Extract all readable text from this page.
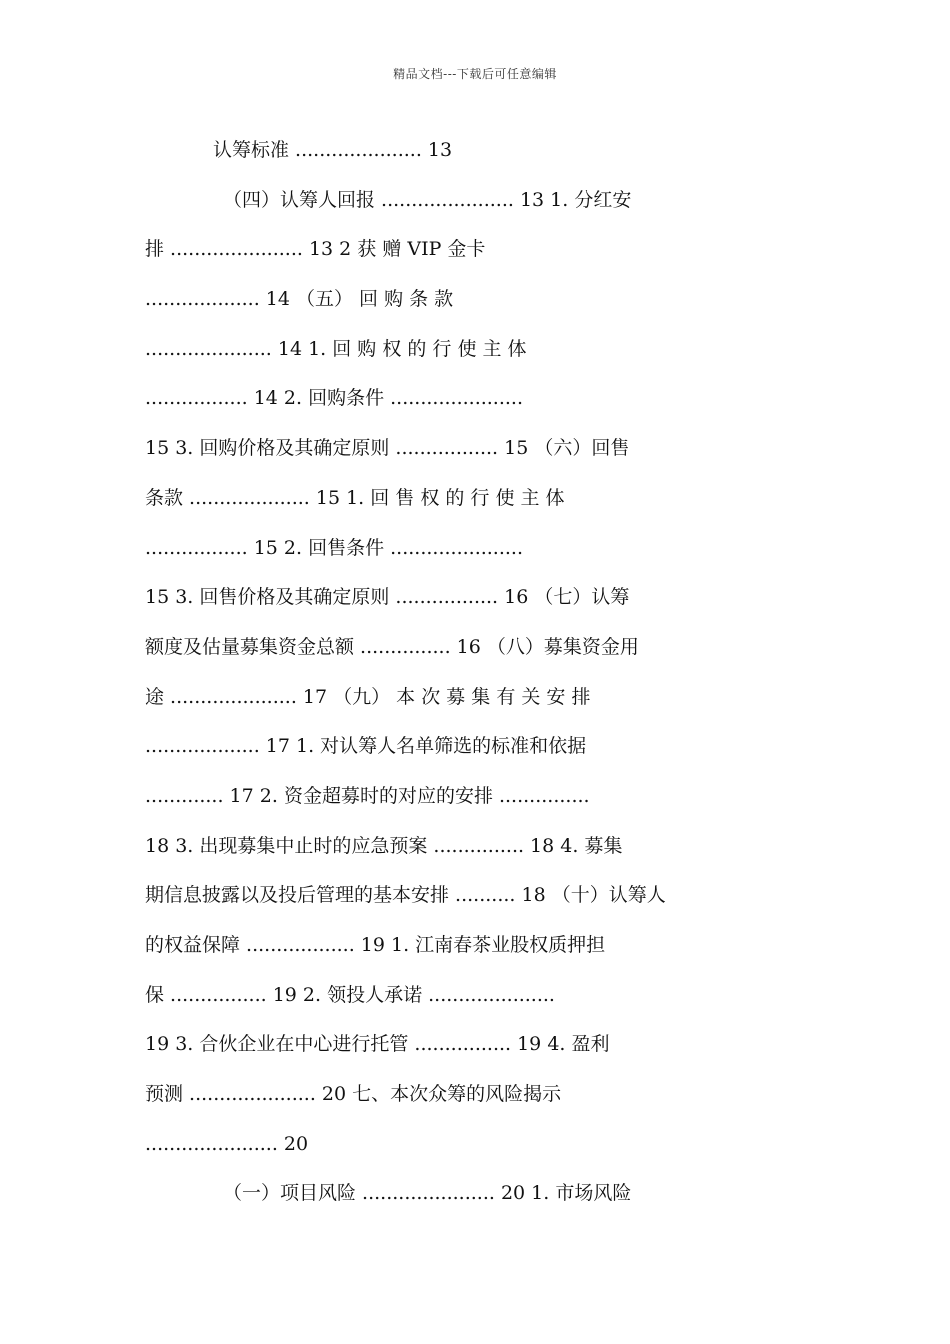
精品文档---下载后可任意编辑
认筹标准 ..................... 13
（四）认筹人回报 ...................... 13 1. 分红安
排 ...................... 13 2 获 赠 VIP 金卡
................... 14 （五） 回 购 条 款
..................... 14 1. 回 购 权 的 行 使 主 体
................. 14 2. 回购条件 ......................
15 3. 回购价格及其确定原则 ................. 15 （六）回售
条款 .................... 15 1. 回 售 权 的 行 使 主 体
................. 15 2. 回售条件 ......................
15 3. 回售价格及其确定原则 ................. 16 （七）认筹
额度及估量募集资金总额 ............... 16 （八）募集资金用
途 ..................... 17 （九） 本 次 募 集 有 关 安 排
................... 17 1. 对认筹人名单筛选的标准和依据
............. 17 2. 资金超募时的对应的安排 ...............
18 3. 出现募集中止时的应急预案 ............... 18 4. 募集
期信息披露以及投后管理的基本安排 .......... 18 （十）认筹人
的权益保障 .................. 19 1. 江南春茶业股权质押担
保 ................ 19 2. 领投人承诺 .....................
19 3. 合伙企业在中心进行托管 ................ 19 4. 盈利
预测 ..................... 20 七、本次众筹的风险揭示
...................... 20
（一）项目风险 ...................... 20 1. 市场风险
